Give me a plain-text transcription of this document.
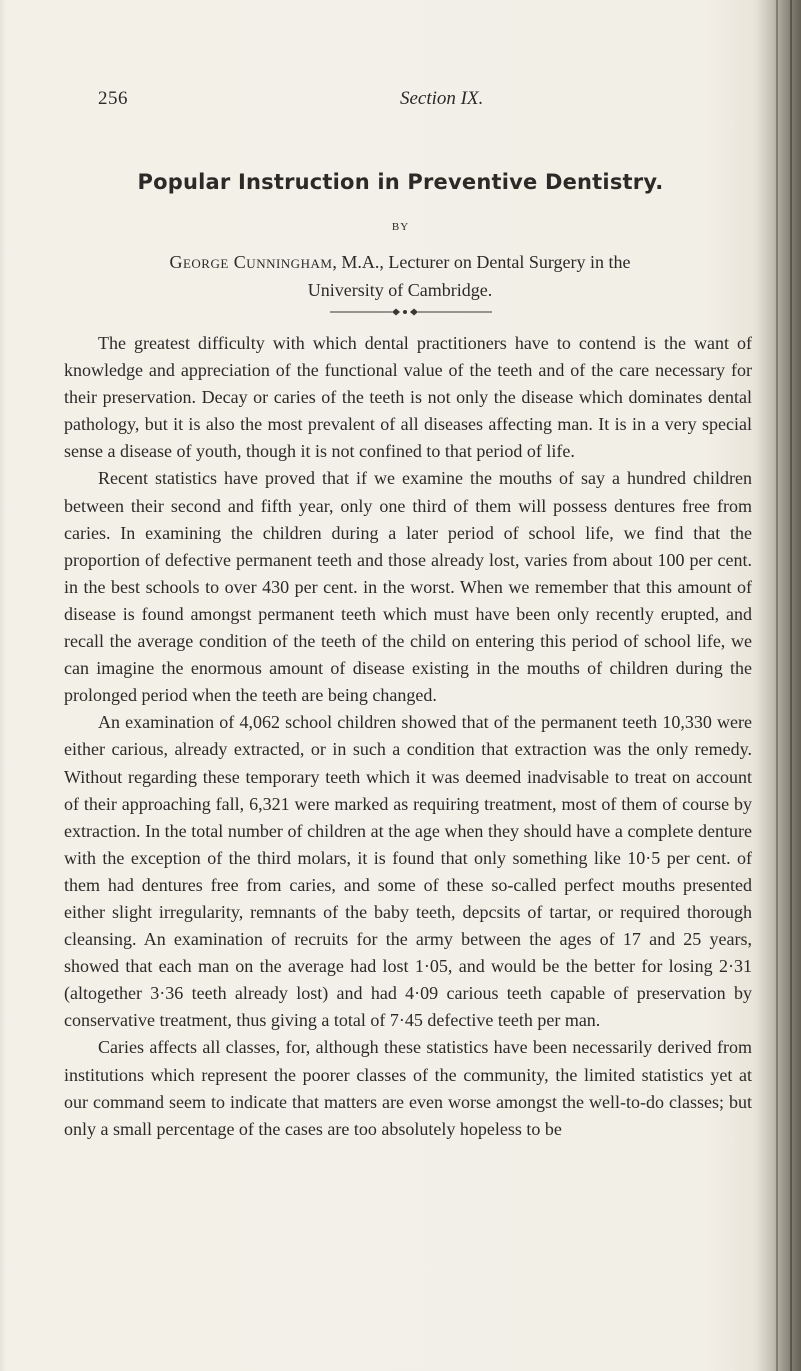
256	Section IX.
Popular Instruction in Preventive Dentistry.
BY
George Cunningham, M.A., Lecturer on Dental Surgery in the University of Cambridge.

The greatest difficulty with which dental practitioners have to contend is the want of knowledge and appreciation of the functional value of the teeth and of the care necessary for their preservation. Decay or caries of the teeth is not only the disease which dominates dental pathology, but it is also the most prevalent of all diseases affecting man. It is in a very special sense a disease of youth, though it is not confined to that period of life.

Recent statistics have proved that if we examine the mouths of say a hundred children between their second and fifth year, only one third of them will possess dentures free from caries. In examining the children during a later period of school life, we find that the proportion of defective permanent teeth and those already lost, varies from about 100 per cent. in the best schools to over 430 per cent. in the worst. When we remember that this amount of disease is found amongst permanent teeth which must have been only recently erupted, and recall the average condition of the teeth of the child on entering this period of school life, we can imagine the enormous amount of disease existing in the mouths of children during the prolonged period when the teeth are being changed.

An examination of 4,062 school children showed that of the permanent teeth 10,330 were either carious, already extracted, or in such a condition that extraction was the only remedy. Without regarding these temporary teeth which it was deemed inadvisable to treat on account of their approaching fall, 6,321 were marked as requiring treatment, most of them of course by extraction. In the total number of children at the age when they should have a complete denture with the exception of the third molars, it is found that only something like 10·5 per cent. of them had dentures free from caries, and some of these so-called perfect mouths presented either slight irregularity, remnants of the baby teeth, depcsits of tartar, or required thorough cleansing. An examination of recruits for the army between the ages of 17 and 25 years, showed that each man on the average had lost 1·05, and would be the better for losing 2·31 (altogether 3·36 teeth already lost) and had 4·09 carious teeth capable of preservation by conservative treatment, thus giving a total of 7·45 defective teeth per man.

Caries affects all classes, for, although these statistics have been necessarily derived from institutions which represent the poorer classes of the community, the limited statistics yet at our command seem to indicate that matters are even worse amongst the well-to-do classes; but only a small percentage of the cases are too absolutely hopeless to be
